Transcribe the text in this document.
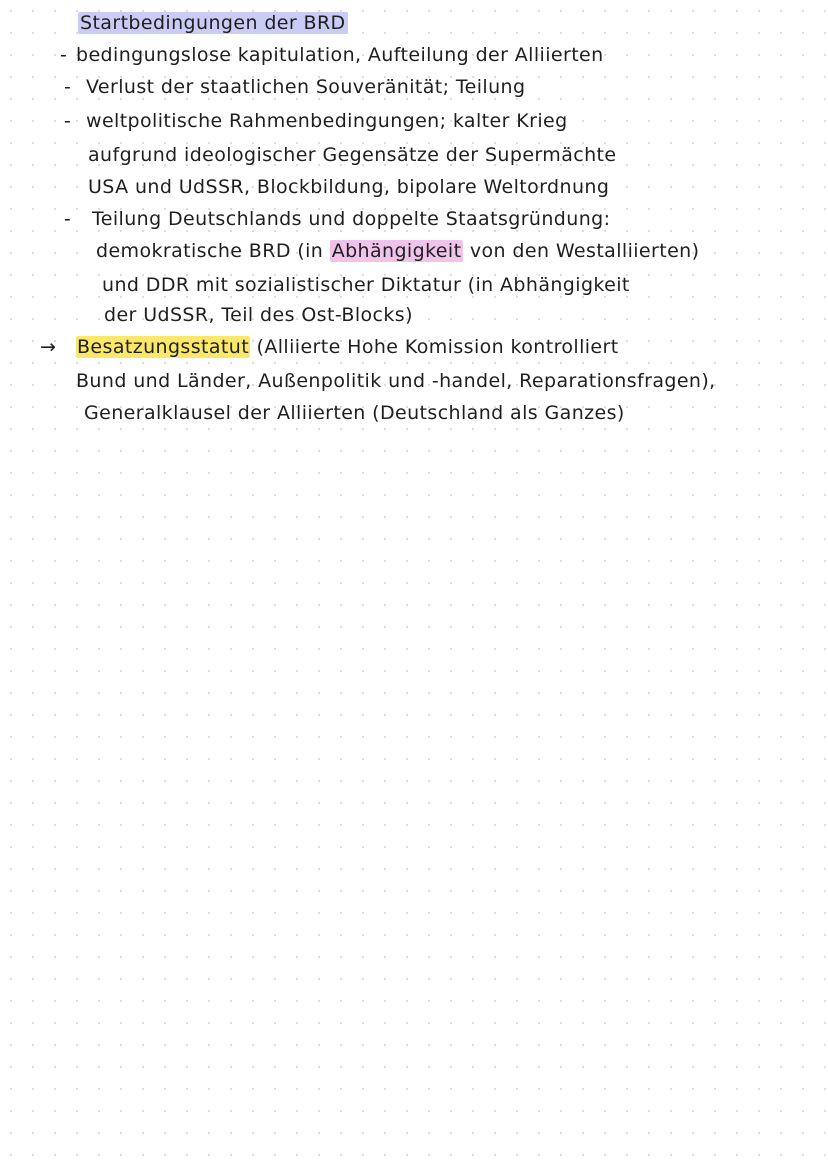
Startbedingungen der BRD
- bedingungslose kapitulation, Aufteilung der Alliierten
- Verlust der staatlichen Souveränität; Teilung
- weltpolitische Rahmenbedingungen; kalter Krieg
aufgrund ideologischer Gegensätze der Supermächte
USA und UdSSR, Blockbildung, bipolare Weltordnung
- Teilung Deutschlands und doppelte Staatsgründung:
demokratische BRD (in Abhängigkeit von den Westalliierten)
und DDR mit sozialistischer Diktatur (in Abhängigkeit
der UdSSR, Teil des Ost-Blocks)
→ Besatzungsstatut (Alliierte Hohe Komission kontrolliert
Bund und Länder, Außenpolitik und -handel, Reparationsfragen),
Generalklausel der Alliierten (Deutschland als Ganzes)
